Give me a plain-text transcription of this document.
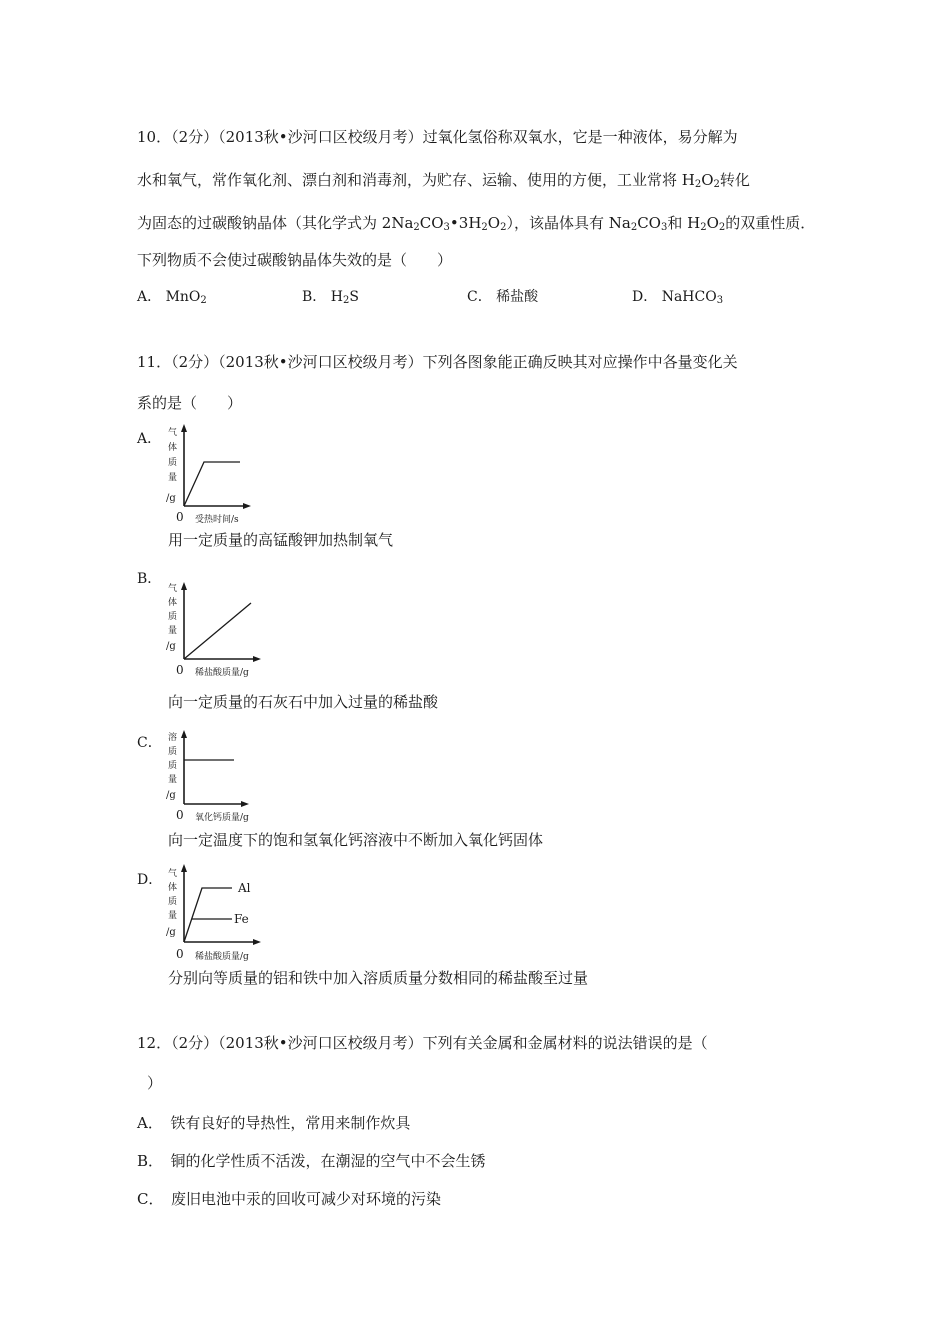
10．（2分）（2013秋•沙河口区校级月考）过氧化氢俗称双氧水，它是一种液体，易分解为
水和氧气，常作氧化剂、漂白剂和消毒剂，为贮存、运输、使用的方便，工业常将 $H_2O_2$转化
为固态的过碳酸钠晶体（其化学式为 $2Na_2CO_3•3H_2O_2$），该晶体具有 $Na_2CO_3$和 $H_2O_2$的双重性质．
下列物质不会使过碳酸钠晶体失效的是（　　）
A． MnO$_2$	B． $H_2S$	C． 稀盐酸	D． NaHCO$_3$
11．（2分）（2013秋•沙河口区校级月考）下列各图象能正确反映其对应操作中各量变化关
系的是（　　）
A． 气
体
质
量
/g
0 受热时间/s
用一定质量的高锰酸钾加热制氧气
B．
气
体
质
量
/g
0 稀盐酸质量/g
向一定质量的石灰石中加入过量的稀盐酸
C． 溶
质
质
量
/g
0 氧化钙质量/g
向一定温度下的饱和氢氧化钙溶液中不断加入氧化钙固体
D． 气
体
质
量
/g
Al
Fe
0 稀盐酸质量/g
分别向等质量的铝和铁中加入溶质质量分数相同的稀盐酸至过量
12．（2分）（2013秋•沙河口区校级月考）下列有关金属和金属材料的说法错误的是（
）
A．　铁有良好的导热性，常用来制作炊具
B．　铜的化学性质不活泼，在潮湿的空气中不会生锈
C．　废旧电池中汞的回收可减少对环境的污染
